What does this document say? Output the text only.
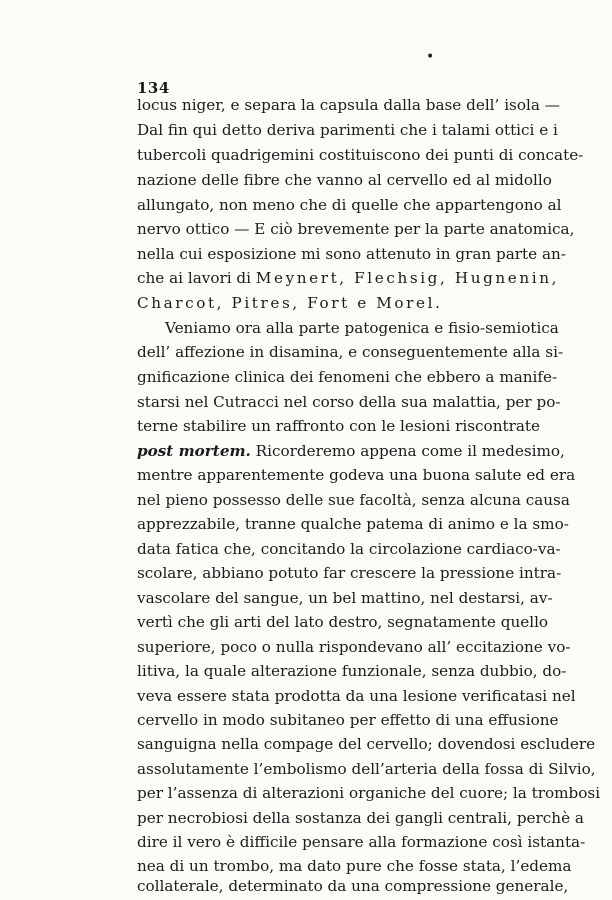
•
134
locus niger, e separa la capsula dalla base dell’ isola —
Dal fin qui detto deriva parimenti che i talami ottici e i
tubercoli quadrigemini costituiscono dei punti di concate-
nazione delle fibre che vanno al cervello ed al midollo
allungato, non meno che di quelle che appartengono al
nervo ottico — E ciò brevemente per la parte anatomica,
nella cui esposizione mi sono attenuto in gran parte an-
che ai lavori di Meynert, Flechsig, Hugnenin,
Charcot, Pitres, Fort e Morel.
Veniamo ora alla parte patogenica e fisio-semiotica
dell’ affezione in disamina, e conseguentemente alla si-
gnificazione clinica dei fenomeni che ebbero a manife-
starsi nel Cutracci nel corso della sua malattia, per po-
terne stabilire un raffronto con le lesioni riscontrate
post mortem. Ricorderemo appena come il medesimo,
mentre apparentemente godeva una buona salute ed era
nel pieno possesso delle sue facoltà, senza alcuna causa
apprezzabile, tranne qualche patema di animo e la smo-
data fatica che, concitando la circolazione cardiaco-va-
scolare, abbiano potuto far crescere la pressione intra-
vascolare del sangue, un bel mattino, nel destarsi, av-
vertì che gli arti del lato destro, segnatamente quello
superiore, poco o nulla rispondevano all’ eccitazione vo-
litiva, la quale alterazione funzionale, senza dubbio, do-
veva essere stata prodotta da una lesione verificatasi nel
cervello in modo subitaneo per effetto di una effusione
sanguigna nella compage del cervello; dovendosi escludere
assolutamente l’embolismo dell’arteria della fossa di Silvio,
per l’assenza di alterazioni organiche del cuore; la trombosi
per necrobiosi della sostanza dei gangli centrali, perchè a
dire il vero è difficile pensare alla formazione così istanta-
nea di un trombo, ma dato pure che fosse stata, l’edema
collaterale, determinato da una compressione generale,
